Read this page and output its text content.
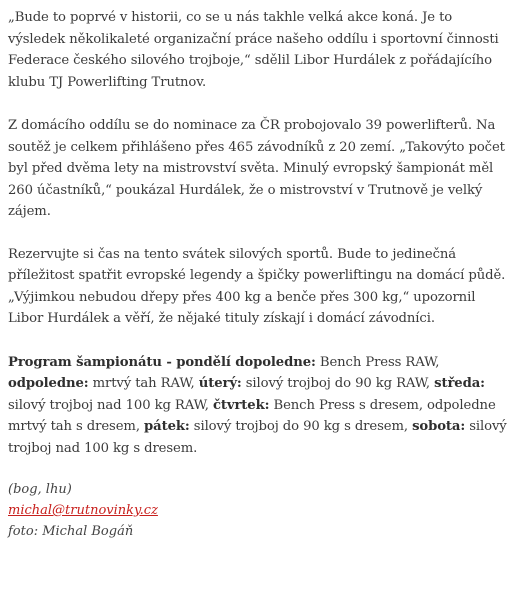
„Bude to poprvé v historii, co se u nás takhle velká akce koná. Je to výsledek několikaleté organizační práce našeho oddílu i sportovní činnosti Federace českého silového trojboje,“ sdělil Libor Hurdálek z pořádajícího klubu TJ Powerlifting Trutnov.

Z domácího oddílu se do nominace za ČR probojovalo 39 powerlifterů. Na soutěž je celkem přihlášeno přes 465 závodníků z 20 zemí. „Takovýto počet byl před dvěma lety na mistrovství světa. Minulý evropský šampionát měl 260 účastníků,“ poukázal Hurdálek, že o mistrovství v Trutnově je velký zájem.

Rezervujte si čas na tento svátek silových sportů. Bude to jedinečná příležitost spatřit evropské legendy a špičky powerliftingu na domácí půdě. „Výjimkou nebudou dřepy přes 400 kg a benče přes 300 kg,“ upozornil Libor Hurdálek a věří, že nějaké tituly získají i domácí závodníci.

Program šampionátu - pondělí dopoledne: Bench Press RAW, odpoledne: mrtvý tah RAW, úterý: silový trojboj do 90 kg RAW, středa: silový trojboj nad 100 kg RAW, čtvrtek: Bench Press s dresem, odpoledne mrtvý tah s dresem, pátek: silový trojboj do 90 kg s dresem, sobota: silový trojboj nad 100 kg s dresem.

(bog, lhu)
michal@trutnovinky.cz
foto: Michal Bogáň
